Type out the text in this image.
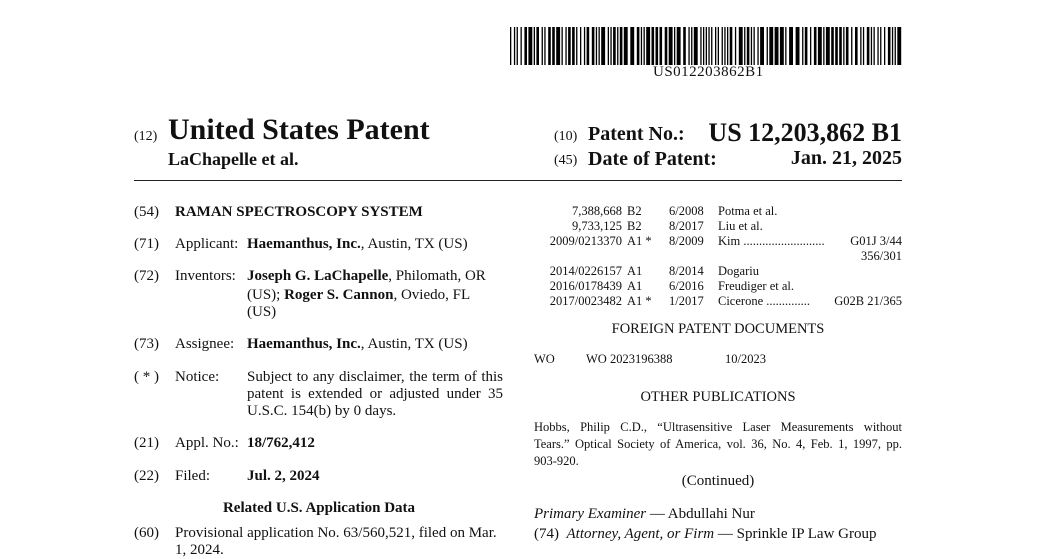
US012203862B1
(12) United States Patent
LaChapelle et al.
(10) Patent No.: US 12,203,862 B1
(45) Date of Patent:	Jan. 21, 2025
(54) RAMAN SPECTROSCOPY SYSTEM
(71) Applicant: Haemanthus, Inc., Austin, TX (US)
(72) Inventors: Joseph G. LaChapelle, Philomath, OR
(US); Roger S. Cannon, Oviedo, FL
(US)
(73) Assignee: Haemanthus, Inc., Austin, TX (US)
( * ) Notice: Subject to any disclaimer, the term of this patent is extended or adjusted under 35 U.S.C. 154(b) by 0 days.
(21) Appl. No.: 18/762,412
(22) Filed: Jul. 2, 2024
Related U.S. Application Data
(60) Provisional application No. 63/560,521, filed on Mar.
1, 2024.
7,388,668 B2 6/2008 Potma et al.
9,733,125 B2 8/2017 Liu et al.
2009/0213370 A1 * 8/2009 Kim .......................... G01J 3/44
356/301
2014/0226157 A1 8/2014 Dogariu
2016/0178439 A1 6/2016 Freudiger et al.
2017/0023482 A1 * 1/2017 Cicerone .............. G02B 21/365
FOREIGN PATENT DOCUMENTS
WO WO 2023196388	10/2023
OTHER PUBLICATIONS
Hobbs, Philip C.D., “Ultrasensitive Laser Measurements without
Tears.” Optical Society of America, vol. 36, No. 4, Feb. 1, 1997, pp.
903-920.
(Continued)
Primary Examiner — Abdullahi Nur
(74) Attorney, Agent, or Firm — Sprinkle IP Law Group
